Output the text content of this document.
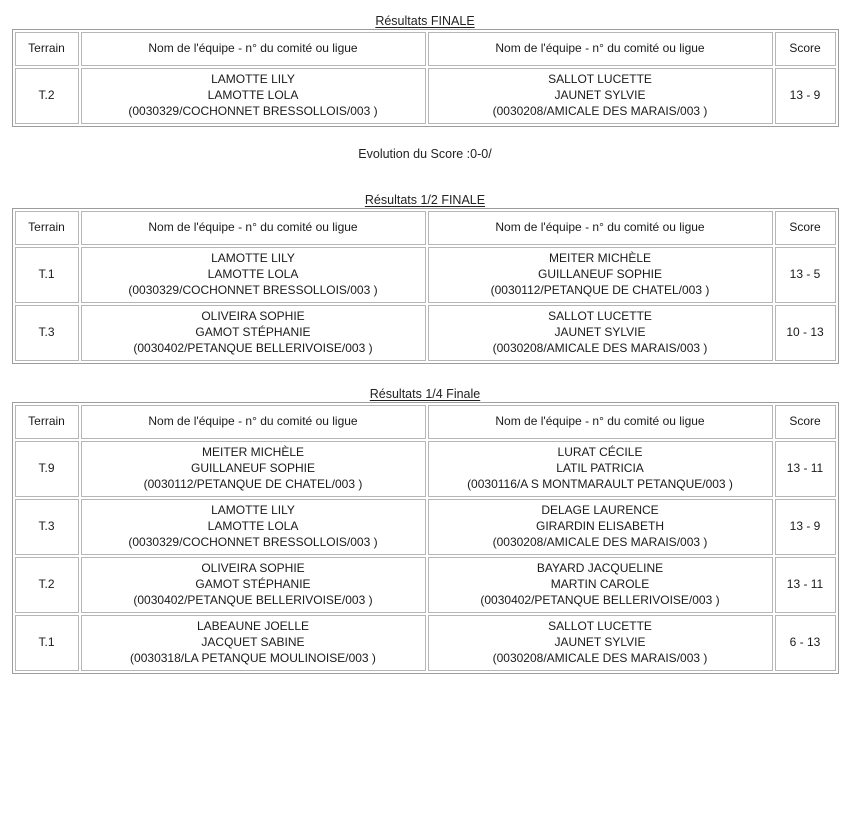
Résultats FINALE
Terrain	Nom de l'équipe - n° du comité ou ligue	Nom de l'équipe - n° du comité ou ligue	Score
T.2	LAMOTTE LILY
LAMOTTE LOLA
(0030329/COCHONNET BRESSOLLOIS/003 )	SALLOT LUCETTE
JAUNET SYLVIE
(0030208/AMICALE DES MARAIS/003 )	13 - 9
Evolution du Score :0-0/
Résultats 1/2 FINALE
Terrain	Nom de l'équipe - n° du comité ou ligue	Nom de l'équipe - n° du comité ou ligue	Score
T.1	LAMOTTE LILY
LAMOTTE LOLA
(0030329/COCHONNET BRESSOLLOIS/003 )	MEITER MICHÈLE
GUILLANEUF SOPHIE
(0030112/PETANQUE DE CHATEL/003 )	13 - 5
T.3	OLIVEIRA SOPHIE
GAMOT STÉPHANIE
(0030402/PETANQUE BELLERIVOISE/003 )	SALLOT LUCETTE
JAUNET SYLVIE
(0030208/AMICALE DES MARAIS/003 )	10 - 13
Résultats 1/4 Finale
Terrain	Nom de l'équipe - n° du comité ou ligue	Nom de l'équipe - n° du comité ou ligue	Score
T.9	MEITER MICHÈLE
GUILLANEUF SOPHIE
(0030112/PETANQUE DE CHATEL/003 )	LURAT CÉCILE
LATIL PATRICIA
(0030116/A S MONTMARAULT PETANQUE/003 )	13 - 11
T.3	LAMOTTE LILY
LAMOTTE LOLA
(0030329/COCHONNET BRESSOLLOIS/003 )	DELAGE LAURENCE
GIRARDIN ELISABETH
(0030208/AMICALE DES MARAIS/003 )	13 - 9
T.2	OLIVEIRA SOPHIE
GAMOT STÉPHANIE
(0030402/PETANQUE BELLERIVOISE/003 )	BAYARD JACQUELINE
MARTIN CAROLE
(0030402/PETANQUE BELLERIVOISE/003 )	13 - 11
T.1	LABEAUNE JOELLE
JACQUET SABINE
(0030318/LA PETANQUE MOULINOISE/003 )	SALLOT LUCETTE
JAUNET SYLVIE
(0030208/AMICALE DES MARAIS/003 )	6 - 13
